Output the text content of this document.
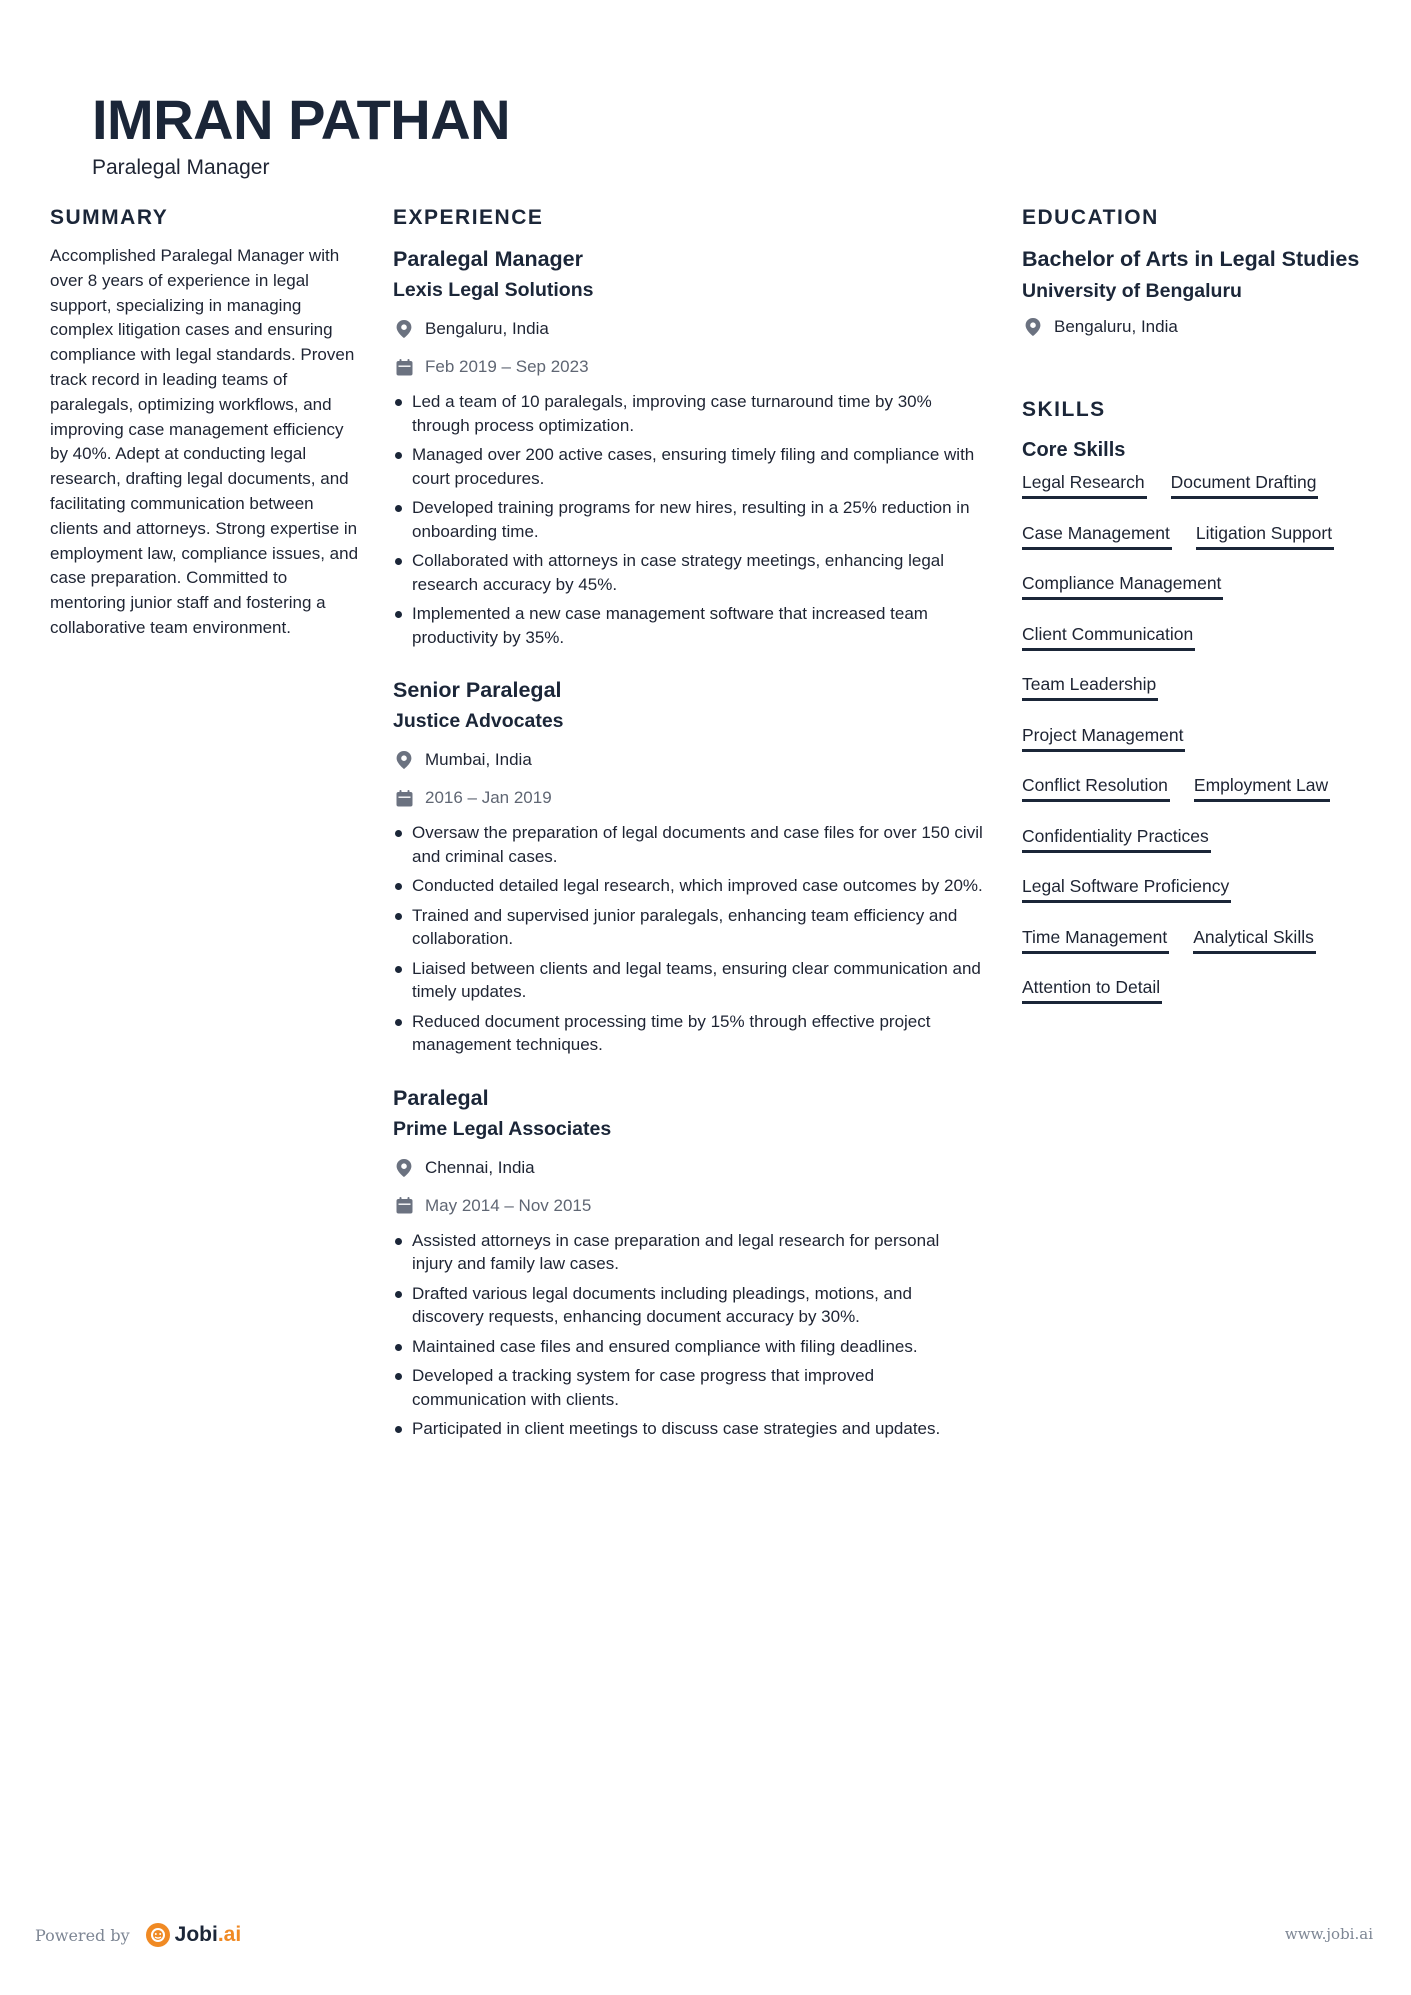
IMRAN PATHAN
Paralegal Manager
SUMMARY
Accomplished Paralegal Manager with over 8 years of experience in legal support, specializing in managing complex litigation cases and ensuring compliance with legal standards. Proven track record in leading teams of paralegals, optimizing workflows, and improving case management efficiency by 40%. Adept at conducting legal research, drafting legal documents, and facilitating communication between clients and attorneys. Strong expertise in employment law, compliance issues, and case preparation. Committed to mentoring junior staff and fostering a collaborative team environment.
EXPERIENCE
Paralegal Manager
Lexis Legal Solutions
Bengaluru, India
Feb 2019 – Sep 2023
Led a team of 10 paralegals, improving case turnaround time by 30% through process optimization.
Managed over 200 active cases, ensuring timely filing and compliance with court procedures.
Developed training programs for new hires, resulting in a 25% reduction in onboarding time.
Collaborated with attorneys in case strategy meetings, enhancing legal research accuracy by 45%.
Implemented a new case management software that increased team productivity by 35%.
Senior Paralegal
Justice Advocates
Mumbai, India
2016 – Jan 2019
Oversaw the preparation of legal documents and case files for over 150 civil and criminal cases.
Conducted detailed legal research, which improved case outcomes by 20%.
Trained and supervised junior paralegals, enhancing team efficiency and collaboration.
Liaised between clients and legal teams, ensuring clear communication and timely updates.
Reduced document processing time by 15% through effective project management techniques.
Paralegal
Prime Legal Associates
Chennai, India
May 2014 – Nov 2015
Assisted attorneys in case preparation and legal research for personal injury and family law cases.
Drafted various legal documents including pleadings, motions, and discovery requests, enhancing document accuracy by 30%.
Maintained case files and ensured compliance with filing deadlines.
Developed a tracking system for case progress that improved communication with clients.
Participated in client meetings to discuss case strategies and updates.
EDUCATION
Bachelor of Arts in Legal Studies
University of Bengaluru
Bengaluru, India
SKILLS
Core Skills
Legal Research Document Drafting
Case Management Litigation Support
Compliance Management
Client Communication
Team Leadership
Project Management
Conflict Resolution Employment Law
Confidentiality Practices
Legal Software Proficiency
Time Management Analytical Skills
Attention to Detail
Powered by Jobi.ai	www.jobi.ai
